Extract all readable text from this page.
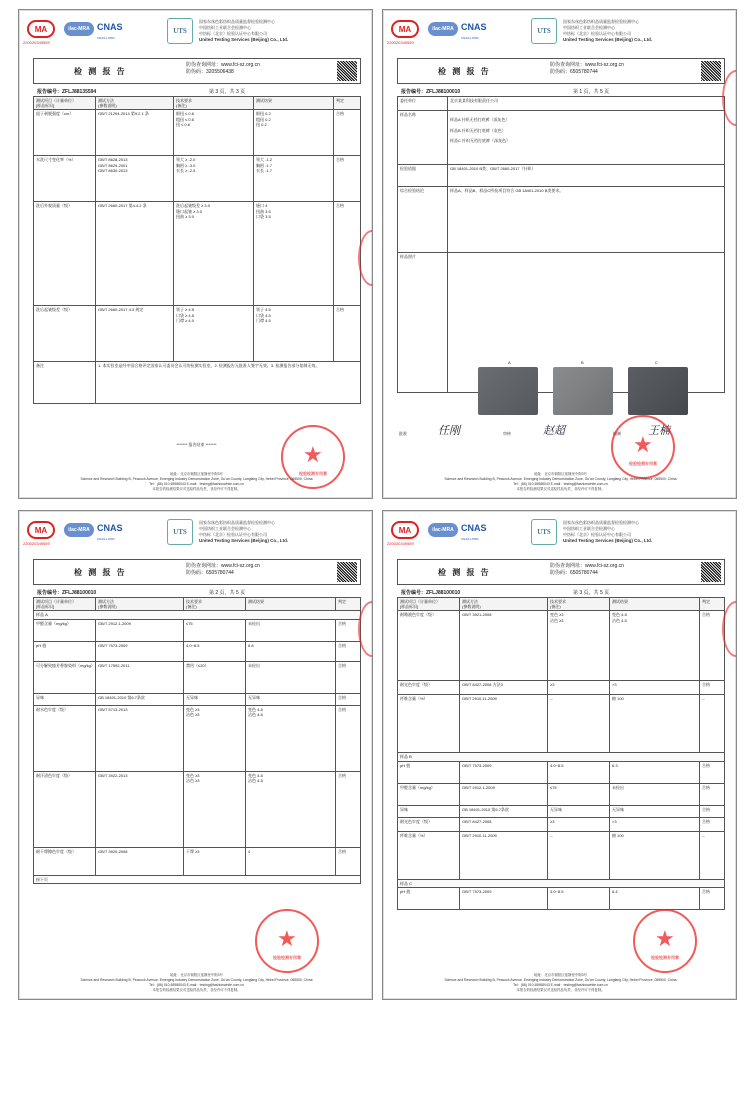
MA
220020349559
ilac-MRA CNAS
CNAS L0784
UTS
国家东丝色彩纺织品质量监督检验检测中心
中国纺织工业联合会检测中心
中纺标（北京）检验认证中心有限公司
United Testing Services (Beijing) Co., Ltd.
检 测 报 告
防伪查询网址：www.fci-sz.org.cn
防伪码：3205506438
报告编号：ZFLJ88135594	第 3 页，共 3 页
测试项目（计量单位）
[样品标识]	测试方法
(参数说明)	技术要求
(备注)	测试结果	判定
紐子剥脱强度（cm）	GB/T 21294-2014 第9.2.1 条	细扭 ≤ 0.6
粗扭 ≤ 0.6
扭 ≤ 0.6	细扭 0.2
粗扭 0.2
扭 0.2	合格
水洗尺寸变化率（%）	GB/T 8628-2013
GB/T 8629-2001
GB/T 8630-2013	领大 ≥ -2.0
胸围 ≥ -3.0
衣长 ≥ -2.5	领大 -1.2
胸围 -1.7
衣长 -1.7	合格
洗后外观质量（级）	GB/T 2660-2017 第4.4.2 条	洗后起皱级差 ≥ 3.0
缝口起皱 ≥ 3.0
扭曲 ≥ 3.0	缝口 4
扭曲 3.5
口袋 3.5	合格
洗后起皱级差（级）	GB/T 2660-2017 4.3 规定	领子 ≥ 4.5
口袋 ≥ 4.5
门襟 ≥ 4.0	领子 4.5
口袋 4.5
门襟 4.5	合格
备注	1. 本实验室是经中国合格评定国家认可委员会认可的检测实验室。2. 检测报告无批准人签字无效。3. 检测报告部分复制无效。			
******* 报告结束 *******	★
检验检测专用章
地址：北京市朝阳区延静里中街3号
Science and Research Building B, Peacock Avenue, Emerging Industry Demonstration Zone, Gu'an County, Langfang City, Hebei Province, 065500, China
Tel：(86) 010-65988043 E-mail：testing@fashionwhite.com.cn
本报告的检测结果仅对送检样品负责，非经许可不得复制。
MA
220020349559
ilac-MRA CNAS
CNAS L0784
UTS
国家东丝色彩纺织品质量监督检验检测中心
中国纺织工业联合会检测中心
中纺标（北京）检验认证中心有限公司
United Testing Services (Beijing) Co., Ltd.
检 测 报 告
防伪查询网址：www.fci-sz.org.cn
防伪码：6505780744
报告编号：ZFLJ88100010	第 1 页，共 5 页
委托单位	北京某某科技有限责任公司
样品名称	样品A 针织无裆打底裤（深灰色）

样品B 针织无裆打底裤（灰色）

样品C 针织无裆打底裤（深灰色）

检验依据	GB 18401-2010 B类；GB/T 2660-2017（针织）
综合检验结论	样品A、样品B、样品C所检项目符合 GB 18401-2010 B类要求。
样品照片	
A	B	C
批准	任刚	审核	赵超	编制 王楠
★
检验检测专用章
地址：北京市朝阳区延静里中街3号
Science and Research Building B, Peacock Avenue, Emerging Industry Demonstration Zone, Gu'an County, Langfang City, Hebei Province, 065500, China
Tel：(86) 010-65988043 E-mail：testing@fashionwhite.com.cn
本报告的检测结果仅对送检样品负责，非经许可不得复制。
MA
220020349559
ilac-MRA CNAS
CNAS L0784
UTS
国家东丝色彩纺织品质量监督检验检测中心
中国纺织工业联合会检测中心
中纺标（北京）检验认证中心有限公司
United Testing Services (Beijing) Co., Ltd.
检 测 报 告
防伪查询网址：www.fci-sz.org.cn
防伪码：6505780744
报告编号：ZFLJ88100010	第 2 页，共 5 页
测试项目（计量单位）
[样品标识]	测试方法
(参数说明)	技术要求
(备注)	测试结果	判定
样品 A				
甲醛含量（mg/kg）	GB/T 2912.1-2009	≤75	未检出	合格
pH 值	GB/T 7573-2009	4.0~8.5	6.8	合格
可分解致癌芳香胺染料（mg/kg）	GB/T 17592-2011	禁用（≤20）	未检出	合格
异味	GB 18401-2010 第6.7条款	无异味	无异味	合格
耐水色牢度（级）	GB/T 5713-2013	变色 ≥3
沾色 ≥3	变色 4-5
沾色 4-5	合格
耐汗渍色牢度（级）	GB/T 3922-2013	变色 ≥3
沾色 ≥3	变色 4-5
沾色 4-5	合格
耐干摩擦色牢度（级）	GB/T 3920-2008	干摩 ≥3	4	合格
接下页				
★
检验检测专用章
地址：北京市朝阳区延静里中街3号
Science and Research Building B, Peacock Avenue, Emerging Industry Demonstration Zone, Gu'an County, Langfang City, Hebei Province, 065500, China
Tel：(86) 010-65988043 E-mail：testing@fashionwhite.com.cn
本报告的检测结果仅对送检样品负责，非经许可不得复制。
MA
220020349559
ilac-MRA CNAS
CNAS L0784
UTS
国家东丝色彩纺织品质量监督检验检测中心
中国纺织工业联合会检测中心
中纺标（北京）检验认证中心有限公司
United Testing Services (Beijing) Co., Ltd.
检 测 报 告
防伪查询网址：www.fci-sz.org.cn
防伪码：6505780744
报告编号：ZFLJ88100010	第 3 页，共 5 页
测试项目（计量单位）
[样品标识]	测试方法
(参数说明)	技术要求
(备注)	测试结果	判定
耐唾液色牢度（级）	GB/T 3921-2008	变色 ≥3
沾色 ≥3	变色 4-5
沾色 4-5	合格
耐光色牢度（级）	GB/T 8427-2008 方法3	≥3	>3	合格
纤维含量（%）	GB/T 2910.11-2009	--	棉 100	--
样品 B				
pH 值	GB/T 7573-2009	4.0~8.5	6.3	合格
甲醛含量（mg/kg）	GB/T 2912.1-2009	≤75	未检出	合格
异味	GB 18401-2010 第6.7条款	无异味	无异味	合格
耐光色牢度（级）	GB/T 8427-2008	≥3	>3	合格
纤维含量（%）	GB/T 2910.11-2009	--	棉 100	--
样品 C				
pH 值	GB/T 7573-2009	4.0~8.5	6.4	合格
★
检验检测专用章
地址：北京市朝阳区延静里中街3号
Science and Research Building B, Peacock Avenue, Emerging Industry Demonstration Zone, Gu'an County, Langfang City, Hebei Province, 065500, China
Tel：(86) 010-65988043 E-mail：testing@fashionwhite.com.cn
本报告的检测结果仅对送检样品负责，非经许可不得复制。
